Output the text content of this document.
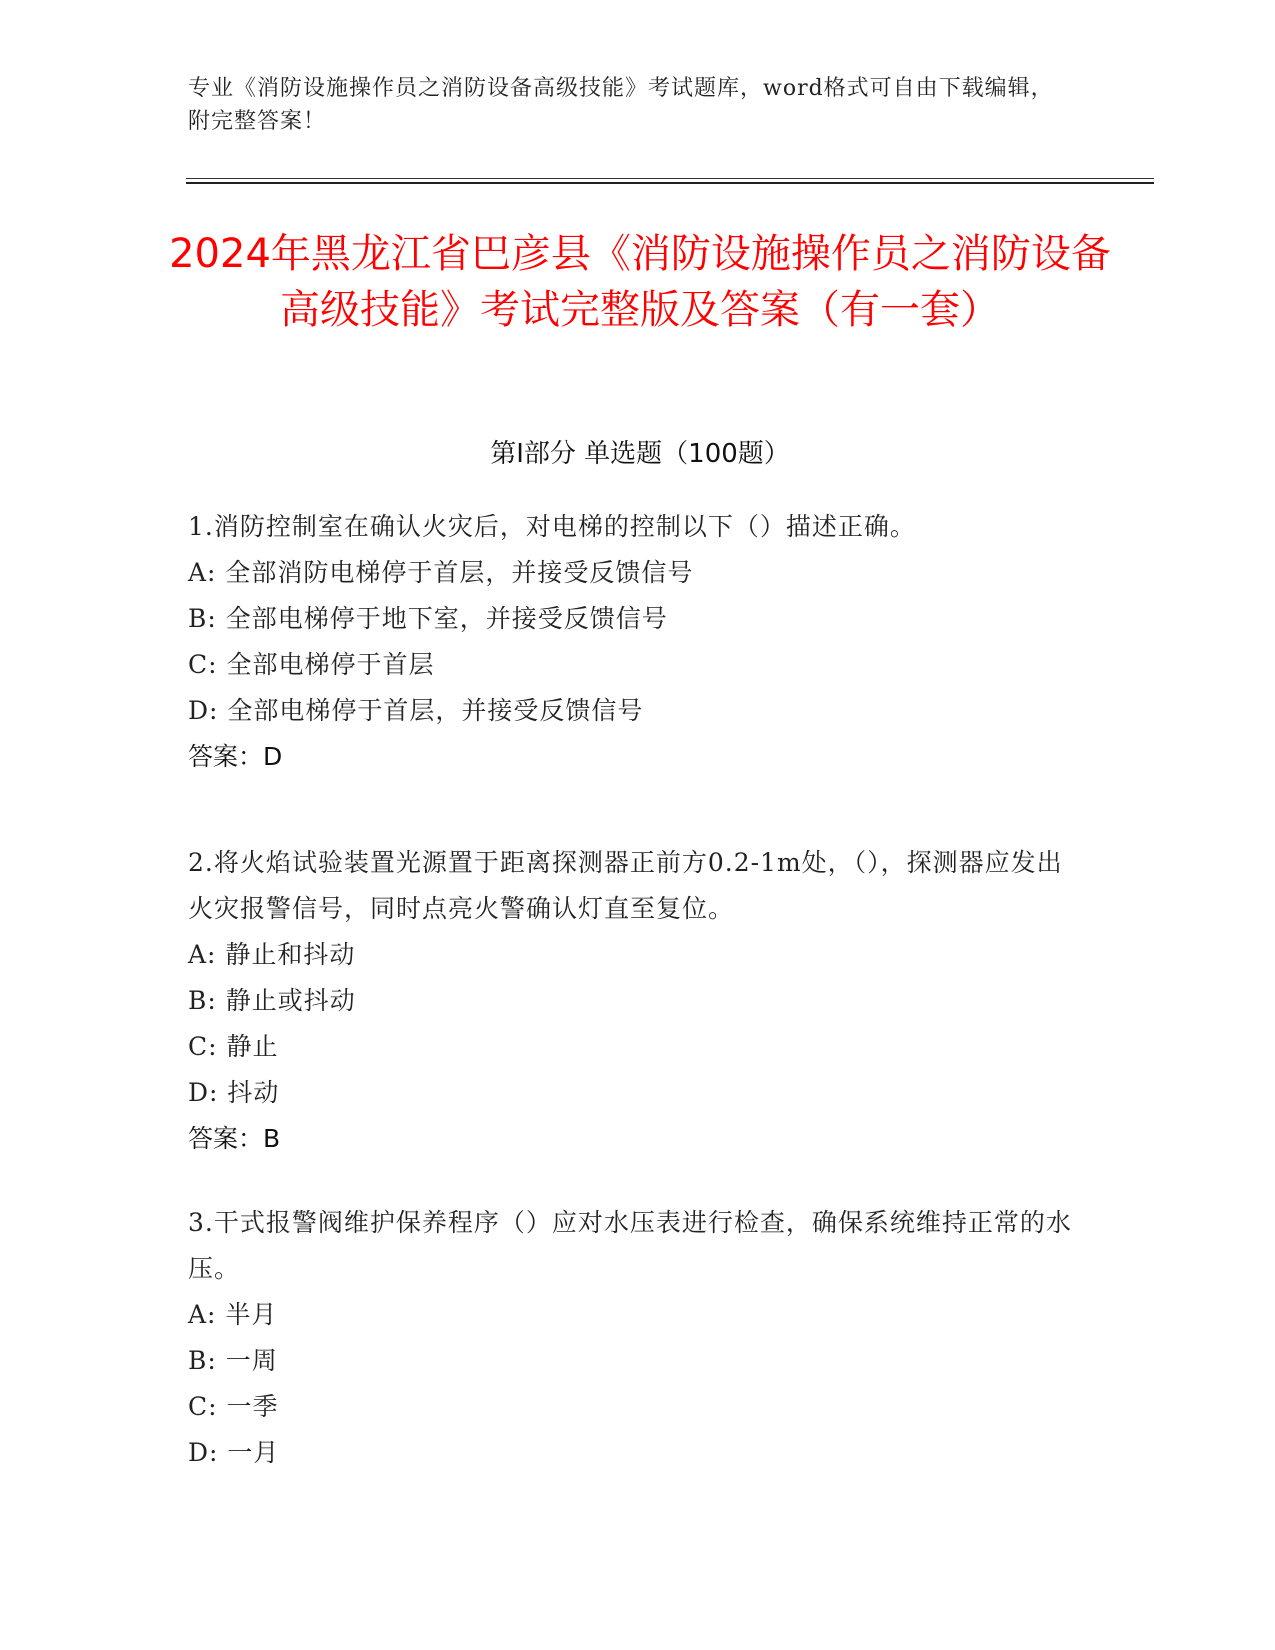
专业《消防设施操作员之消防设备高级技能》考试题库，word格式可自由下载编辑，附完整答案！
2024年黑龙江省巴彦县《消防设施操作员之消防设备高级技能》考试完整版及答案（有一套）
第I部分 单选题（100题）
1.消防控制室在确认火灾后，对电梯的控制以下（）描述正确。
A: 全部消防电梯停于首层，并接受反馈信号
B: 全部电梯停于地下室，并接受反馈信号
C: 全部电梯停于首层
D: 全部电梯停于首层，并接受反馈信号
答案：D
2.将火焰试验装置光源置于距离探测器正前方0.2-1m处，（），探测器应发出火灾报警信号，同时点亮火警确认灯直至复位。
A: 静止和抖动
B: 静止或抖动
C: 静止
D: 抖动
答案：B
3.干式报警阀维护保养程序（）应对水压表进行检查，确保系统维持正常的水压。
A: 半月
B: 一周
C: 一季
D: 一月
